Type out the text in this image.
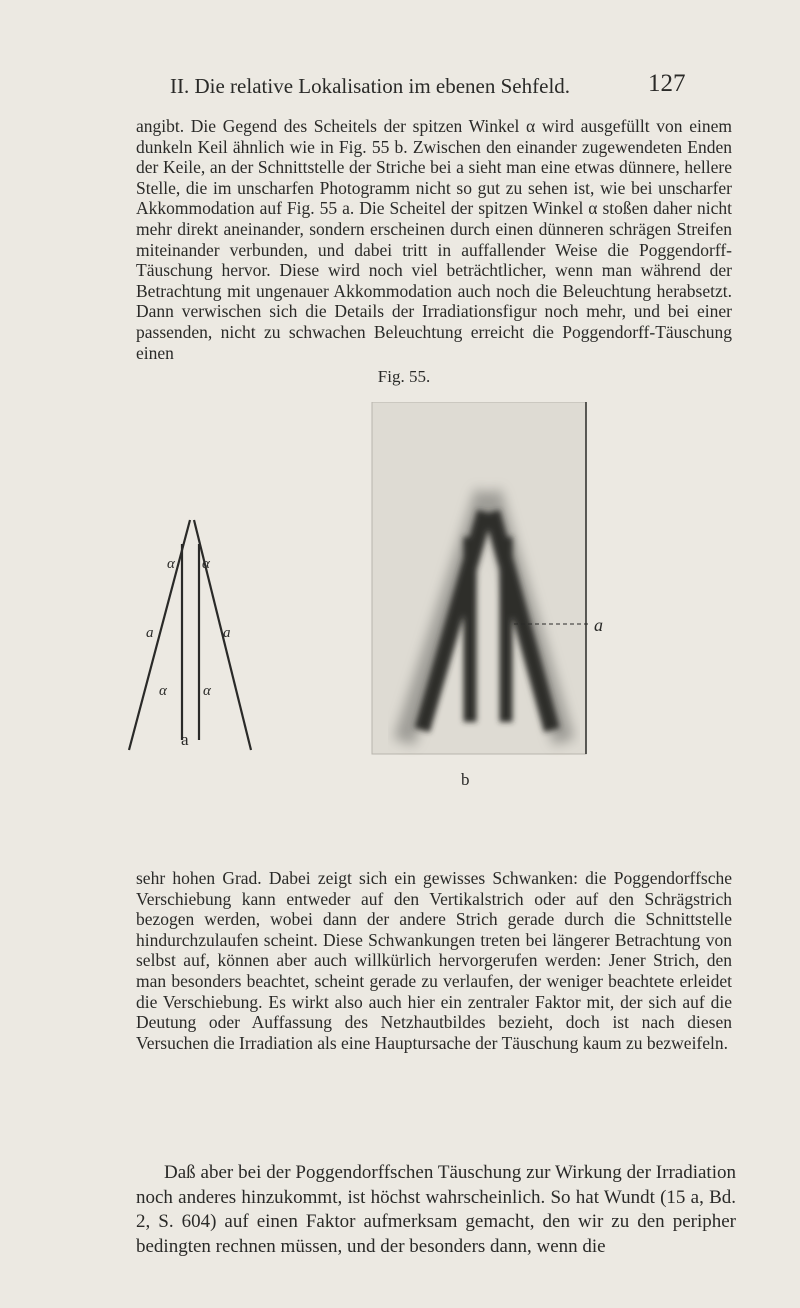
II. Die relative Lokalisation im ebenen Sehfeld.	127

angibt. Die Gegend des Scheitels der spitzen Winkel α wird ausgefüllt von einem dunkeln Keil ähnlich wie in Fig. 55 b. Zwischen den einander zugewendeten Enden der Keile, an der Schnittstelle der Striche bei a sieht man eine etwas dünnere, hellere Stelle, die im unscharfen Photogramm nicht so gut zu sehen ist, wie bei unscharfer Akkommodation auf Fig. 55 a. Die Scheitel der spitzen Winkel α stoßen daher nicht mehr direkt aneinander, sondern erscheinen durch einen dünneren schrägen Streifen miteinander verbunden, und dabei tritt in auffallender Weise die Poggendorff-Täuschung hervor. Diese wird noch viel beträchtlicher, wenn man während der Betrachtung mit ungenauer Akkommodation auch noch die Beleuchtung herabsetzt. Dann verwischen sich die Details der Irradiationsfigur noch mehr, und bei einer passenden, nicht zu schwachen Beleuchtung erreicht die Poggendorff-Täuschung einen

Fig. 55.
α α
a	a
α α
a
a
b

sehr hohen Grad. Dabei zeigt sich ein gewisses Schwanken: die Poggendorffsche Verschiebung kann entweder auf den Vertikalstrich oder auf den Schrägstrich bezogen werden, wobei dann der andere Strich gerade durch die Schnittstelle hindurchzulaufen scheint. Diese Schwankungen treten bei längerer Betrachtung von selbst auf, können aber auch willkürlich hervorgerufen werden: Jener Strich, den man besonders beachtet, scheint gerade zu verlaufen, der weniger beachtete erleidet die Verschiebung. Es wirkt also auch hier ein zentraler Faktor mit, der sich auf die Deutung oder Auffassung des Netzhautbildes bezieht, doch ist nach diesen Versuchen die Irradiation als eine Hauptursache der Täuschung kaum zu bezweifeln.

Daß aber bei der Poggendorffschen Täuschung zur Wirkung der Irradiation noch anderes hinzukommt, ist höchst wahrscheinlich. So hat Wundt (15 a, Bd. 2, S. 604) auf einen Faktor aufmerksam gemacht, den wir zu den peripher bedingten rechnen müssen, und der besonders dann, wenn die
